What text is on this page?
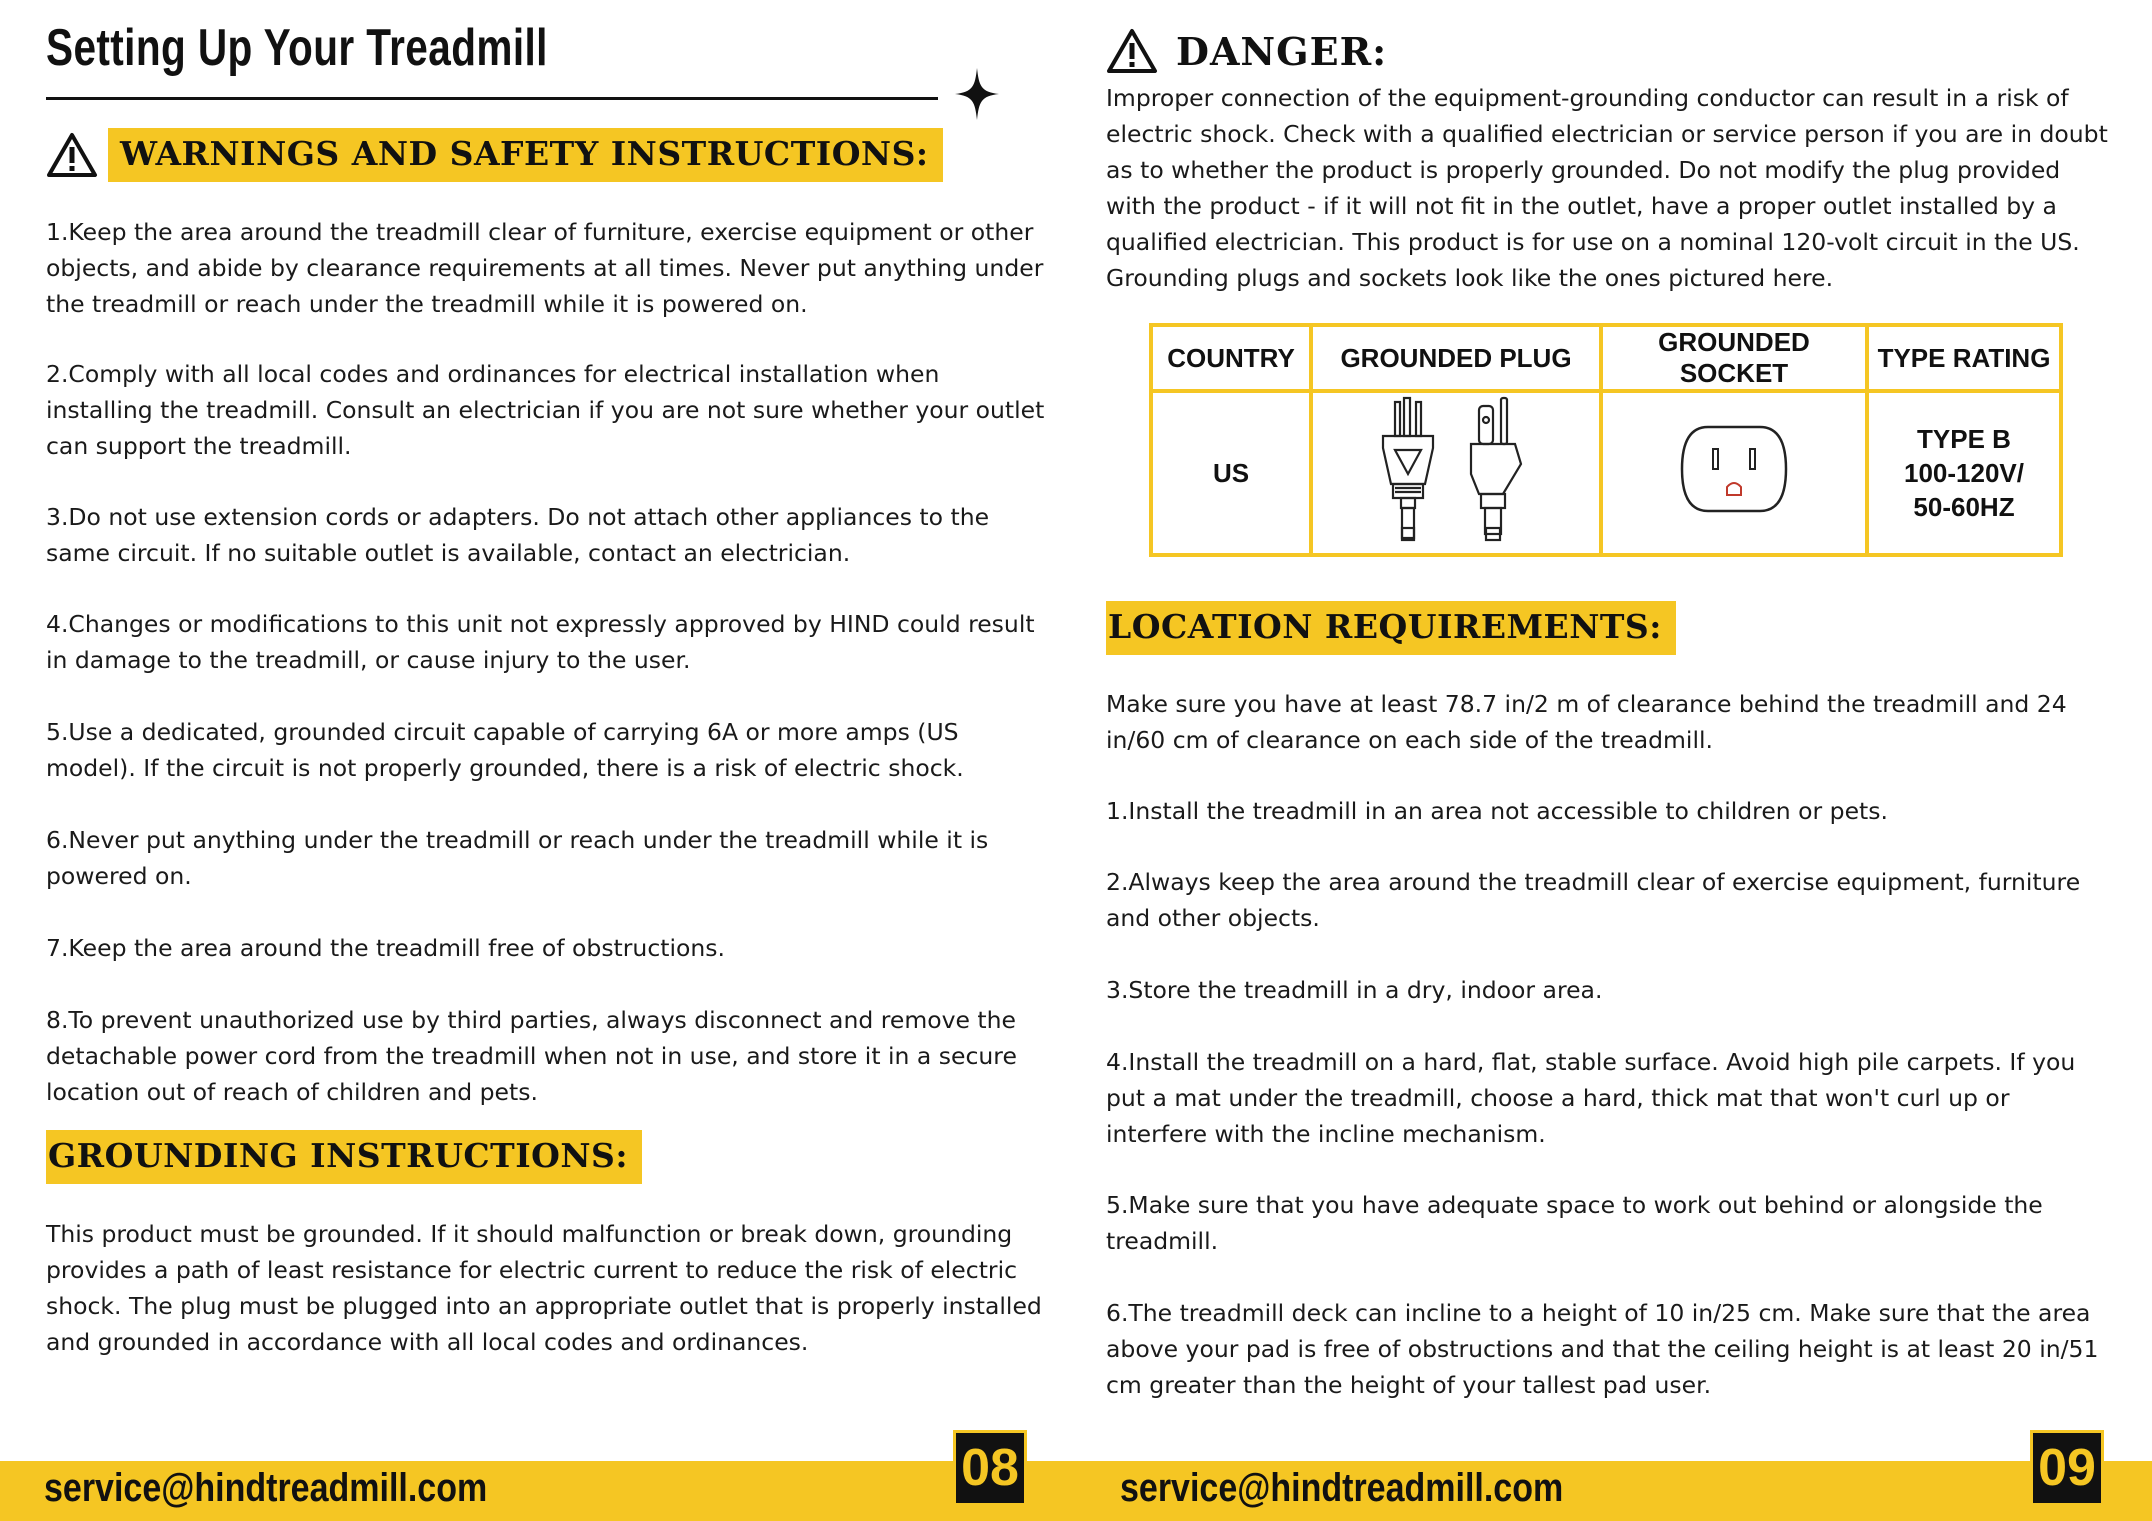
Setting Up Your Treadmill
WARNINGS AND SAFETY INSTRUCTIONS:

1.Keep the area around the treadmill clear of furniture, exercise equipment or other objects, and abide by clearance requirements at all times. Never put anything under the treadmill or reach under the treadmill while it is powered on.

2.Comply with all local codes and ordinances for electrical installation when installing the treadmill. Consult an electrician if you are not sure whether your outlet can support the treadmill.

3.Do not use extension cords or adapters. Do not attach other appliances to the same circuit. If no suitable outlet is available, contact an electrician.

4.Changes or modifications to this unit not expressly approved by HIND could result in damage to the treadmill, or cause injury to the user.

5.Use a dedicated, grounded circuit capable of carrying 6A or more amps (US model). If the circuit is not properly grounded, there is a risk of electric shock.

6.Never put anything under the treadmill or reach under the treadmill while it is powered on.

7.Keep the area around the treadmill free of obstructions.

8.To prevent unauthorized use by third parties, always disconnect and remove the detachable power cord from the treadmill when not in use, and store it in a secure location out of reach of children and pets.

GROUNDING INSTRUCTIONS:

This product must be grounded. If it should malfunction or break down, grounding provides a path of least resistance for electric current to reduce the risk of electric shock. The plug must be plugged into an appropriate outlet that is properly installed and grounded in accordance with all local codes and ordinances.

DANGER:

Improper connection of the equipment-grounding conductor can result in a risk of electric shock. Check with a qualified electrician or service person if you are in doubt as to whether the product is properly grounded. Do not modify the plug provided with the product - if it will not fit in the outlet, have a proper outlet installed by a qualified electrician. This product is for use on a nominal 120-volt circuit in the US. Grounding plugs and sockets look like the ones pictured here.

COUNTRY	GROUNDED PLUG	GROUNDED SOCKET	TYPE RATING
US			TYPE B
100-120V/
50-60HZ
LOCATION REQUIREMENTS:

Make sure you have at least 78.7 in/2 m of clearance behind the treadmill and 24 in/60 cm of clearance on each side of the treadmill.

1.Install the treadmill in an area not accessible to children or pets.

2.Always keep the area around the treadmill clear of exercise equipment, furniture and other objects.

3.Store the treadmill in a dry, indoor area.

4.Install the treadmill on a hard, flat, stable surface. Avoid high pile carpets. If you put a mat under the treadmill, choose a hard, thick mat that won't curl up or interfere with the incline mechanism.

5.Make sure that you have adequate space to work out behind or alongside the treadmill.

6.The treadmill deck can incline to a height of 10 in/25 cm. Make sure that the area above your pad is free of obstructions and that the ceiling height is at least 20 in/51 cm greater than the height of your tallest pad user.

service@hindtreadmill.com	08	service@hindtreadmill.com	09
